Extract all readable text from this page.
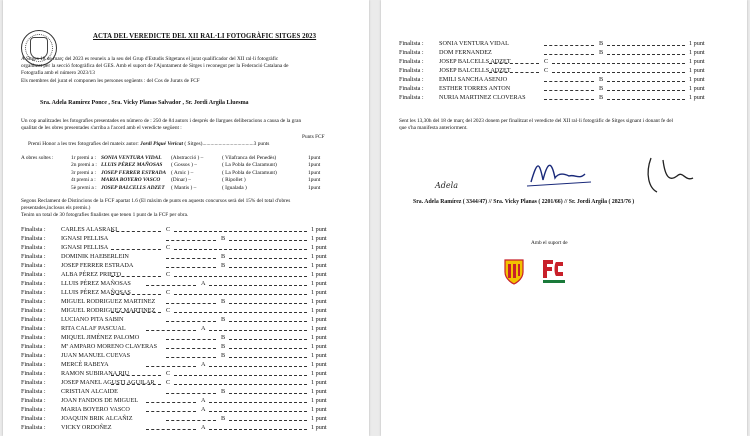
ACTA DEL VEREDICTE DEL XII RAL·LI FOTOGRÀFIC SITGES 2023
A Sitges 18 de març del 2023 es reuneix a la seu del Grup d'Estudis Sitgetans el jurat qualificador del XII ral·li fotogràfic
organitzat per la secció fotogràfica del GES. Amb el suport de l'Ajuntament de Sitges i reconegut per la Federació Catalana de
Fotografia amb el número 2023/13
Els membres del jurat el componen les persones següents : del Cos de Jurats de FCF
Sra. Adela Ramírez Ponce , Sra. Vicky Planas Salvador , Sr. Jordi Argila Lluesma
Un cop analitzades les fotografies presentades en número de : 250 de 84 autors i després de llargues deliberacions a causa de la gran
qualitat de les obres presentades s'arriba a l'acord amb el veredicte següent :
Punts FCF
Premi Honor a les tres fotografies del mateix autor: Jordi Piqué Vericat ( Sitges)......................................3 punts
A obres soltes :	1r premi a : SONIA VENTURA VIDAL (Abstracció ) –	( Vilafranca del Penedès)	1punt
2n premi a : LLUIS PÉREZ MAÑOSAS ( Gossos ) –	( La Pobla de Claramunt)	1punt
3r premi a : JOSEP FERRER ESTRADA ( Arnic ) –	( La Pobla de Claramunt)	1punt
4t premi a : MARIA BOYERO VASCO (Dinar) –	( Ripollet )	1punt
5è premi a : JOSEP BALCELLS ADZET ( Mantis ) –	( Igualada )	1punt
Segons Reclament de Distincions de la FCF apartat 1.6 (El màxim de punts en aquests concursos serà del 15% del total d'obres
presentades,inclosos els premis.)
Tenim un total de 30 fotografies finalistes que tenen 1 punt de la FCF per obra.
Finalista : CARLES ALASRAKI	C	1 punt
Finalista : IGNASI PELLISA	B	1 punt
Finalista : IGNASI PELLISA	C	1 punt
Finalista : DOMINIK HAEBERLEIN	B	1 punt
Finalista : JOSEP FERRER ESTRADA	B	1 punt
Finalista : ALBA PÉREZ PRIETO	C	1 punt
Finalista : LLUIS PÉREZ MAÑOSAS	A	1 punt
Finalista : LLUIS PÉREZ MAÑOSAS	C	1 punt
Finalista : MIGUEL RODRIGUEZ MARTINEZ	B	1 punt
Finalista : MIGUEL RODRIGUEZ MARTINEZ C	1 punt
Finalista : LUCIANO PITA SABIN	B	1 punt
Finalista : RITA CALAF PASCUAL	A	1 punt
Finalista : MIQUEL JIMÉNEZ PALOMO	B	1 punt
Finalista : Mª AMPARO MORENO CLAVERAS	B	1 punt
Finalista : JUAN MANUEL CUEVAS	B	1 punt
Finalista : MERCÈ RABEYA	A	1 punt
Finalista : RAMON SUBIRANA RIU	C	1 punt
Finalista : JOSEP MANEL AGUSTI AGUILAR C	1 punt
Finalista : CRISTIAN ALCAIDE	B	1 punt
Finalista : JOAN FANDOS DE MIGUEL	A	1 punt
Finalista : MARIA BOYERO VASCO	A	1 punt
Finalista : JOAQUIN BRIK ALCAÑIZ	B	1 punt
Finalista : VICKY ORDOÑEZ	A	1 punt
Finalista : SONIA VENTURA VIDAL	B	1 punt
Finalista : DOM FERNANDEZ	B	1 punt
Finalista : JOSEP BALCELLS ADZET	C	1 punt
Finalista : JOSEP BALCELLS ADZET	C	1 punt
Finalista : EMILI SANCHA ASENJO	B	1 punt
Finalista : ESTHER TORRES ANTON	B	1 punt
Finalista : NURIA MARTINEZ CLOVERAS	B	1 punt
Sent les 13,30h del 18 de març del 2023 donem per finalitzat el veredicte del XII ral·li fotogràfic de Sitges signant i donant fe del
que s'ha manifesta anteriorment.
Adela
Sra. Adela Ramírez ( 3344/47) // Sra. Vicky Planas ( 2201/66) // Sr. Jordi Argila ( 2823/76 )
Amb el suport de
